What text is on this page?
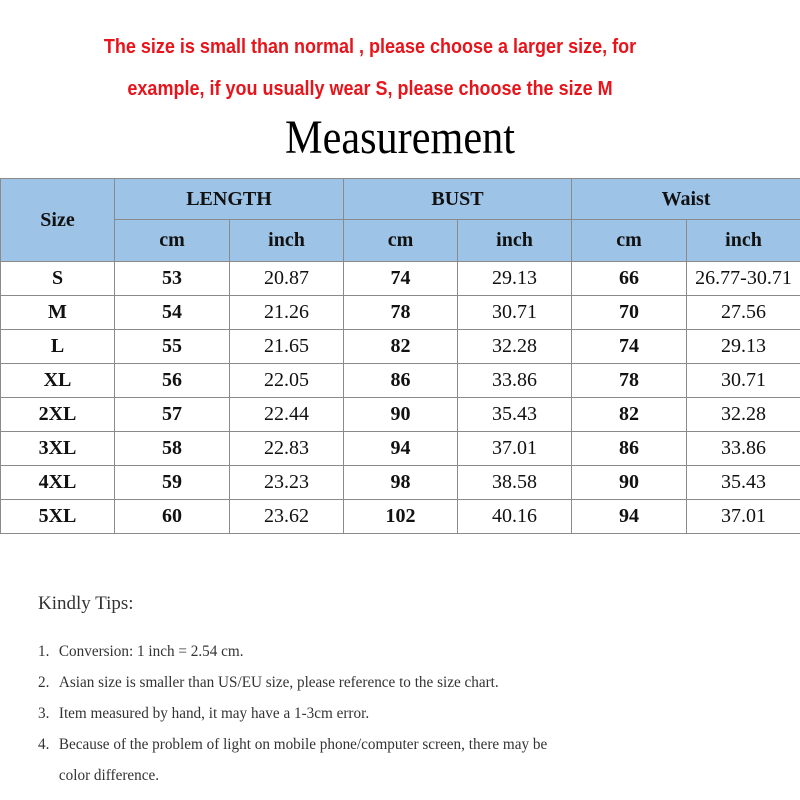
The size is small than normal , please choose a larger size, for
example, if you usually wear S, please choose the size M
Measurement
Size	LENGTH		BUST		Waist	
	cm	inch	cm	inch	cm	inch
S	53	20.87	74	29.13	66	26.77-30.71
M	54	21.26	78	30.71	70	27.56
L	55	21.65	82	32.28	74	29.13
XL	56	22.05	86	33.86	78	30.71
2XL	57	22.44	90	35.43	82	32.28
3XL	58	22.83	94	37.01	86	33.86
4XL	59	23.23	98	38.58	90	35.43
5XL	60	23.62	102	40.16	94	37.01
Kindly Tips:
1. Conversion: 1 inch = 2.54 cm.
2. Asian size is smaller than US/EU size, please reference to the size chart.
3. Item measured by hand, it may have a 1-3cm error.
4. Because of the problem of light on mobile phone/computer screen, there may be
color difference.
